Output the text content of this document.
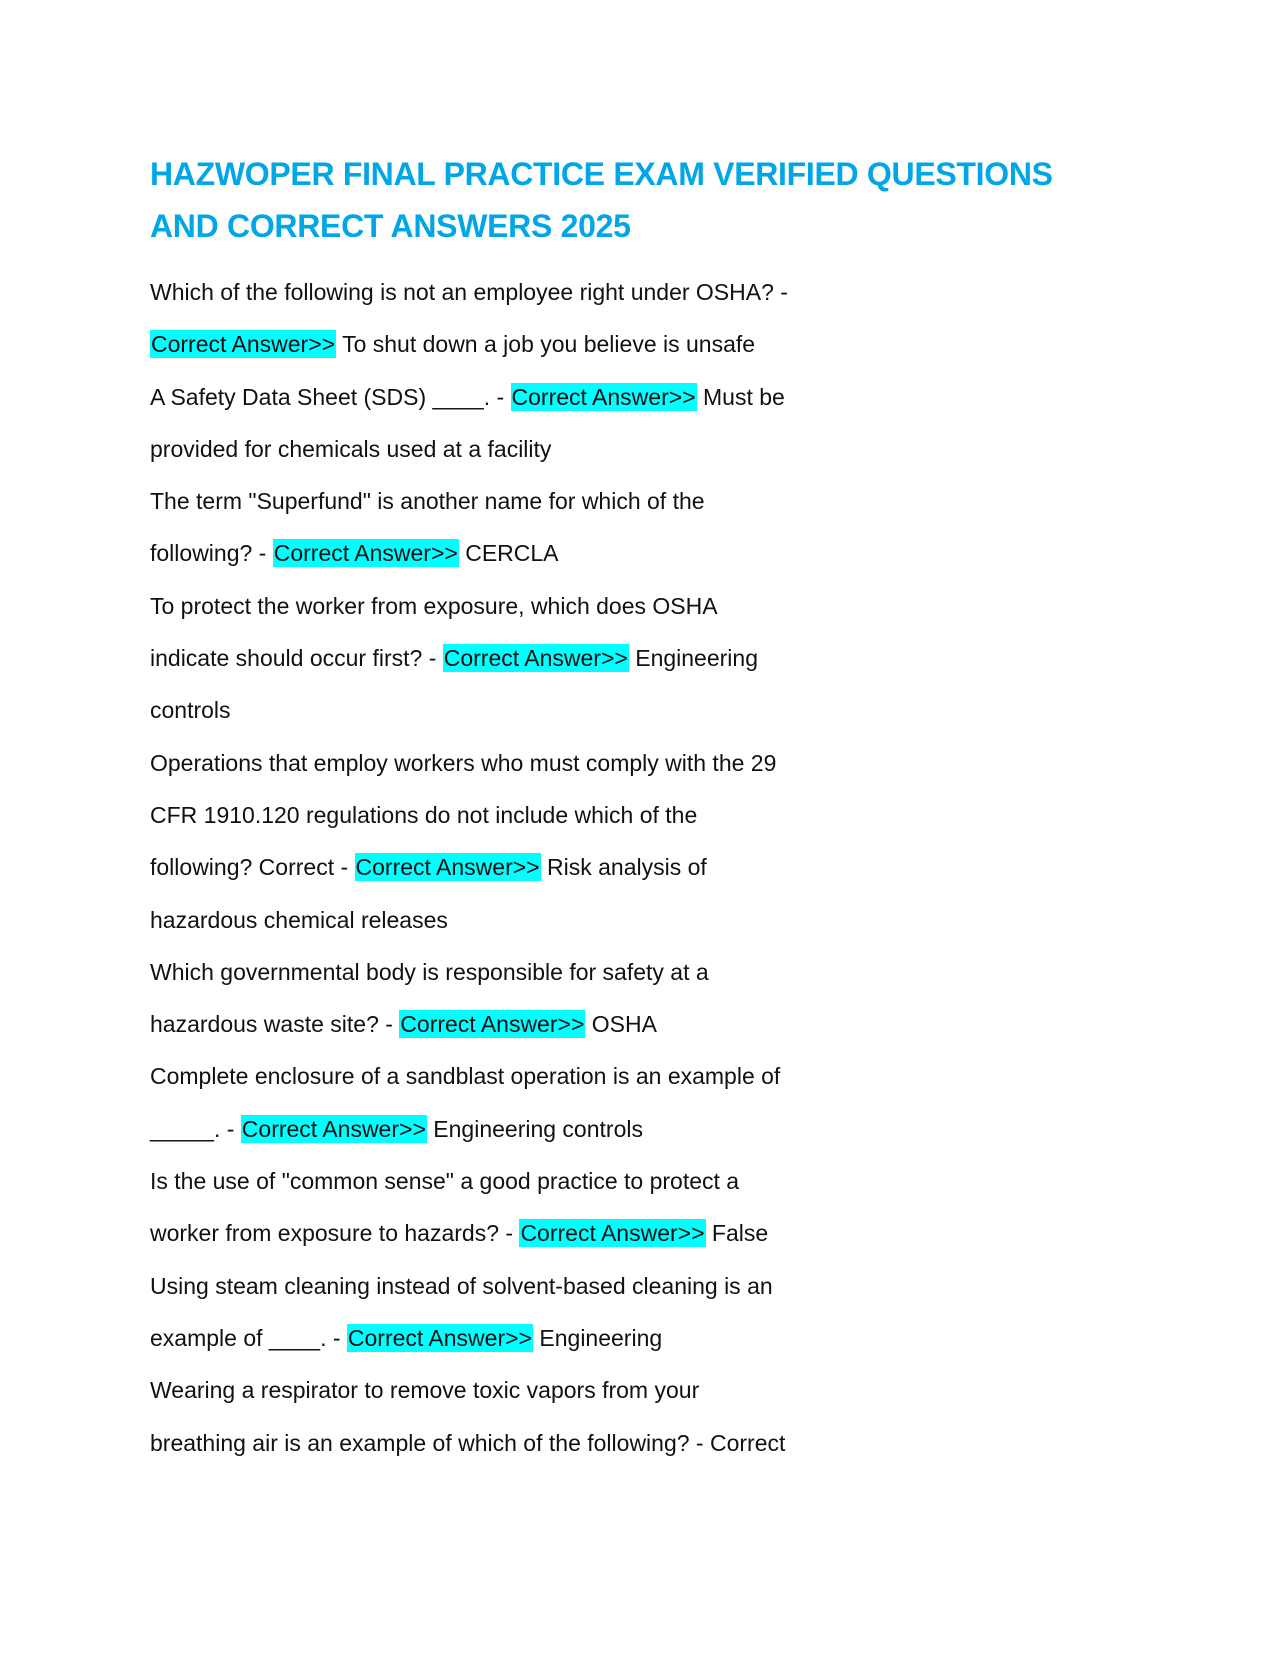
HAZWOPER FINAL PRACTICE EXAM VERIFIED QUESTIONS
AND CORRECT ANSWERS 2025
Which of the following is not an employee right under OSHA? -
Correct Answer>> To shut down a job you believe is unsafe
A Safety Data Sheet (SDS) ____. - Correct Answer>> Must be
provided for chemicals used at a facility
The term "Superfund" is another name for which of the
following? - Correct Answer>> CERCLA
To protect the worker from exposure, which does OSHA
indicate should occur first? - Correct Answer>> Engineering
controls
Operations that employ workers who must comply with the 29
CFR 1910.120 regulations do not include which of the
following? Correct - Correct Answer>> Risk analysis of
hazardous chemical releases
Which governmental body is responsible for safety at a
hazardous waste site? - Correct Answer>> OSHA
Complete enclosure of a sandblast operation is an example of
_____. - Correct Answer>> Engineering controls
Is the use of "common sense" a good practice to protect a
worker from exposure to hazards? - Correct Answer>> False
Using steam cleaning instead of solvent-based cleaning is an
example of ____. - Correct Answer>> Engineering
Wearing a respirator to remove toxic vapors from your
breathing air is an example of which of the following? - Correct
